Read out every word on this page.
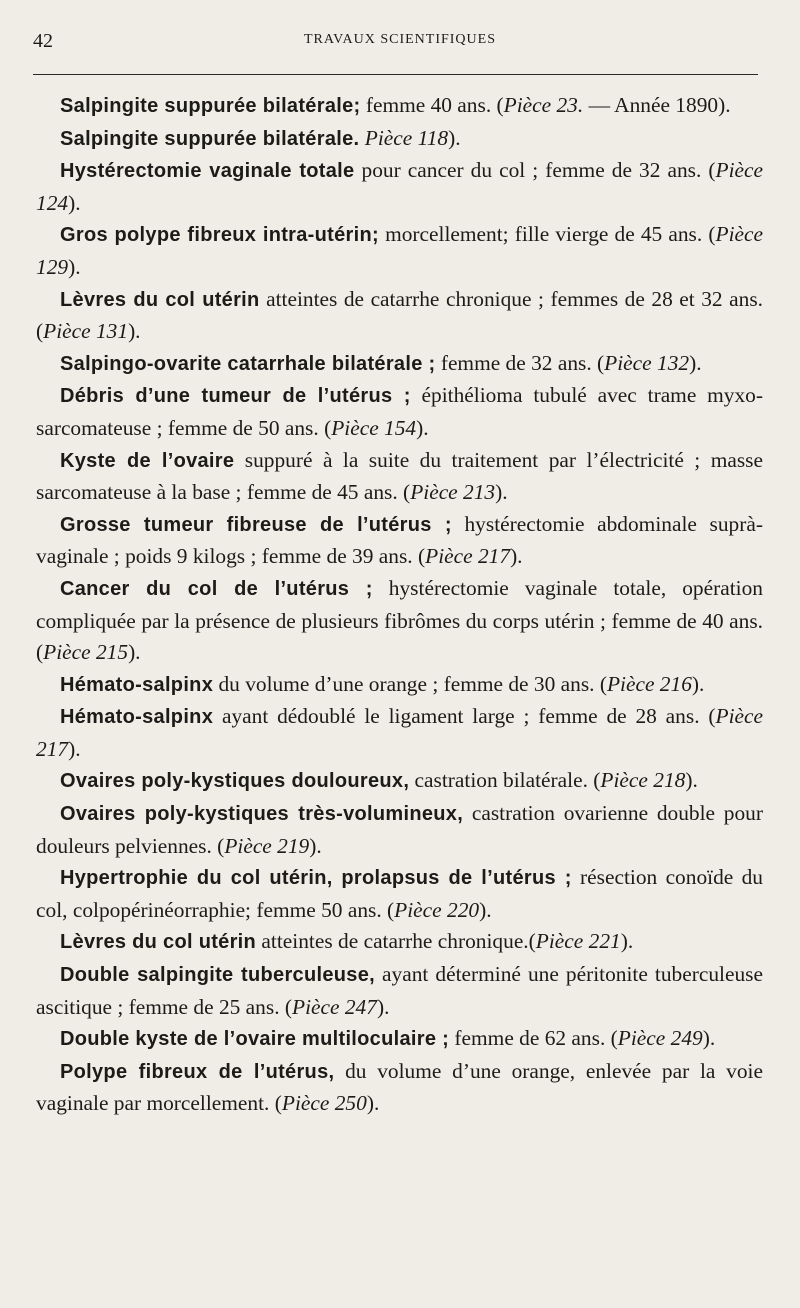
42	TRAVAUX SCIENTIFIQUES

Salpingite suppurée bilatérale; femme 40 ans. (Pièce 23. — Année 1890).

Salpingite suppurée bilatérale. Pièce 118).

Hystérectomie vaginale totale pour cancer du col ; femme de 32 ans. (Pièce 124).

Gros polype fibreux intra-utérin; morcellement; fille vierge de 45 ans. (Pièce 129).

Lèvres du col utérin atteintes de catarrhe chronique ; femmes de 28 et 32 ans. (Pièce 131).

Salpingo-ovarite catarrhale bilatérale ; femme de 32 ans. (Pièce 132).

Débris d’une tumeur de l’utérus ; épithélioma tubulé avec trame myxo-sarcomateuse ; femme de 50 ans. (Pièce 154).

Kyste de l’ovaire suppuré à la suite du traitement par l’électricité ; masse sarcomateuse à la base ; femme de 45 ans. (Pièce 213).

Grosse tumeur fibreuse de l’utérus ; hystérectomie abdominale suprà-vaginale ; poids 9 kilogs ; femme de 39 ans. (Pièce 217).

Cancer du col de l’utérus ; hystérectomie vaginale totale, opération compliquée par la présence de plusieurs fibrômes du corps utérin ; femme de 40 ans. (Pièce 215).

Hémato-salpinx du volume d’une orange ; femme de 30 ans. (Pièce 216).

Hémato-salpinx ayant dédoublé le ligament large ; femme de 28 ans. (Pièce 217).

Ovaires poly-kystiques douloureux, castration bilatérale. (Pièce 218).

Ovaires poly-kystiques très-volumineux, castration ovarienne double pour douleurs pelviennes. (Pièce 219).

Hypertrophie du col utérin, prolapsus de l’utérus ; résection conoïde du col, colpopérinéorraphie; femme 50 ans. (Pièce 220).

Lèvres du col utérin atteintes de catarrhe chronique.(Pièce 221).

Double salpingite tuberculeuse, ayant déterminé une péritonite tuberculeuse ascitique ; femme de 25 ans. (Pièce 247).

Double kyste de l’ovaire multiloculaire ; femme de 62 ans. (Pièce 249).

Polype fibreux de l’utérus, du volume d’une orange, enlevée par la voie vaginale par morcellement. (Pièce 250).
